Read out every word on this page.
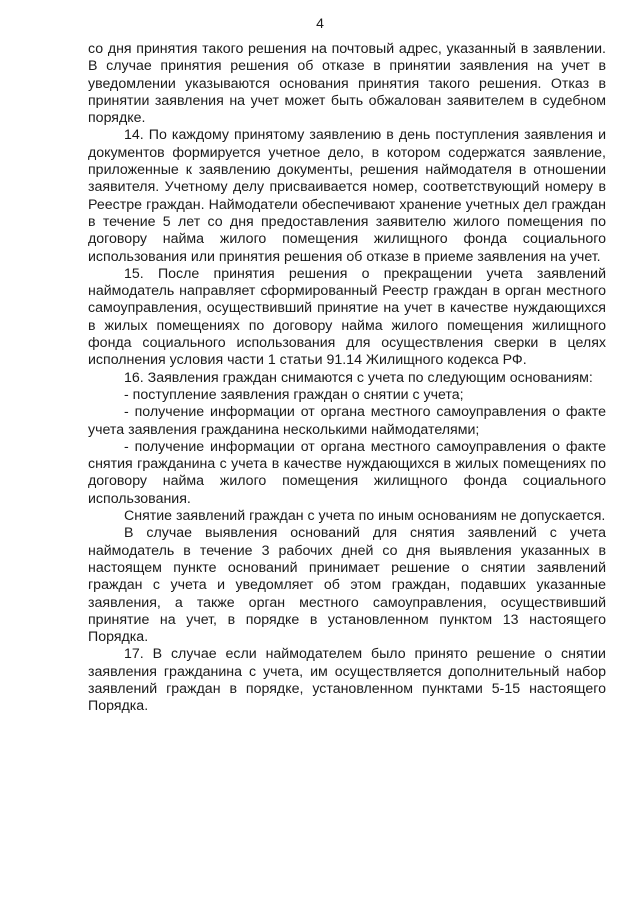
4

со дня принятия такого решения на почтовый адрес, указанный в заявлении. В случае принятия решения об отказе в принятии заявления на учет в уведомлении указываются основания принятия такого решения. Отказ в принятии заявления на учет может быть обжалован заявителем в судебном порядке.

14. По каждому принятому заявлению в день поступления заявления и документов формируется учетное дело, в котором содержатся заявление, приложенные к заявлению документы, решения наймодателя в отношении заявителя. Учетному делу присваивается номер, соответствующий номеру в Реестре граждан. Наймодатели обеспечивают хранение учетных дел граждан в течение 5 лет со дня предоставления заявителю жилого помещения по договору найма жилого помещения жилищного фонда социального использования или принятия решения об отказе в приеме заявления на учет.

15. После принятия решения о прекращении учета заявлений наймодатель направляет сформированный Реестр граждан в орган местного самоуправления, осуществивший принятие на учет в качестве нуждающихся в жилых помещениях по договору найма жилого помещения жилищного фонда социального использования для осуществления сверки в целях исполнения условия части 1 статьи 91.14 Жилищного кодекса РФ.

16. Заявления граждан снимаются с учета по следующим основаниям:

- поступление заявления граждан о снятии с учета;

- получение информации от органа местного самоуправления о факте учета заявления гражданина несколькими наймодателями;

- получение информации от органа местного самоуправления о факте снятия гражданина с учета в качестве нуждающихся в жилых помещениях по договору найма жилого помещения жилищного фонда социального использования.

Снятие заявлений граждан с учета по иным основаниям не допускается.

В случае выявления оснований для снятия заявлений с учета наймодатель в течение 3 рабочих дней со дня выявления указанных в настоящем пункте оснований принимает решение о снятии заявлений граждан с учета и уведомляет об этом граждан, подавших указанные заявления, а также орган местного самоуправления, осуществивший принятие на учет, в порядке в установленном пунктом 13 настоящего Порядка.

17. В случае если наймодателем было принято решение о снятии заявления гражданина с учета, им осуществляется дополнительный набор заявлений граждан в порядке, установленном пунктами 5-15 настоящего Порядка.
